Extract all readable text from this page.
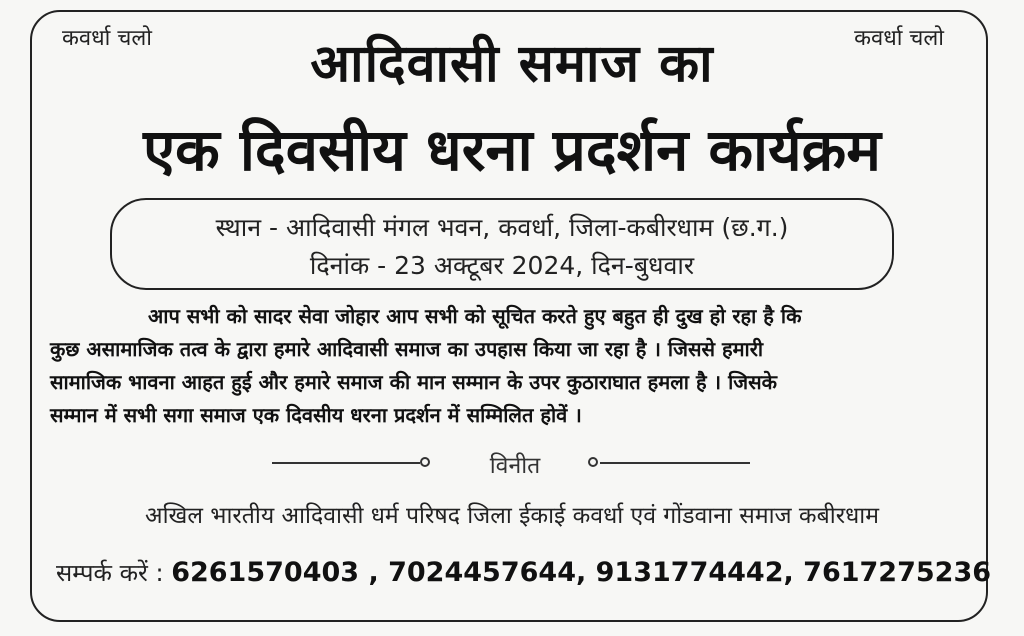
कवर्धा चलो	कवर्धा चलो
आदिवासी समाज का
एक दिवसीय धरना प्रदर्शन कार्यक्रम
स्थान - आदिवासी मंगल भवन, कवर्धा, जिला-कबीरधाम (छ.ग.)
दिनांक - 23 अक्टूबर 2024, दिन-बुधवार
आप सभी को सादर सेवा जोहार आप सभी को सूचित करते हुए बहुत ही दुख हो रहा है कि
कुछ असामाजिक तत्व के द्वारा हमारे आदिवासी समाज का उपहास किया जा रहा है । जिससे हमारी
सामाजिक भावना आहत हुई और हमारे समाज की मान सम्मान के उपर कुठाराघात हमला है । जिसके
सम्मान में सभी सगा समाज एक दिवसीय धरना प्रदर्शन में सम्मिलित होवें ।
विनीत
अखिल भारतीय आदिवासी धर्म परिषद जिला ईकाई कवर्धा एवं गोंडवाना समाज कबीरधाम
सम्पर्क करें : 6261570403 , 7024457644, 9131774442, 7617275236
